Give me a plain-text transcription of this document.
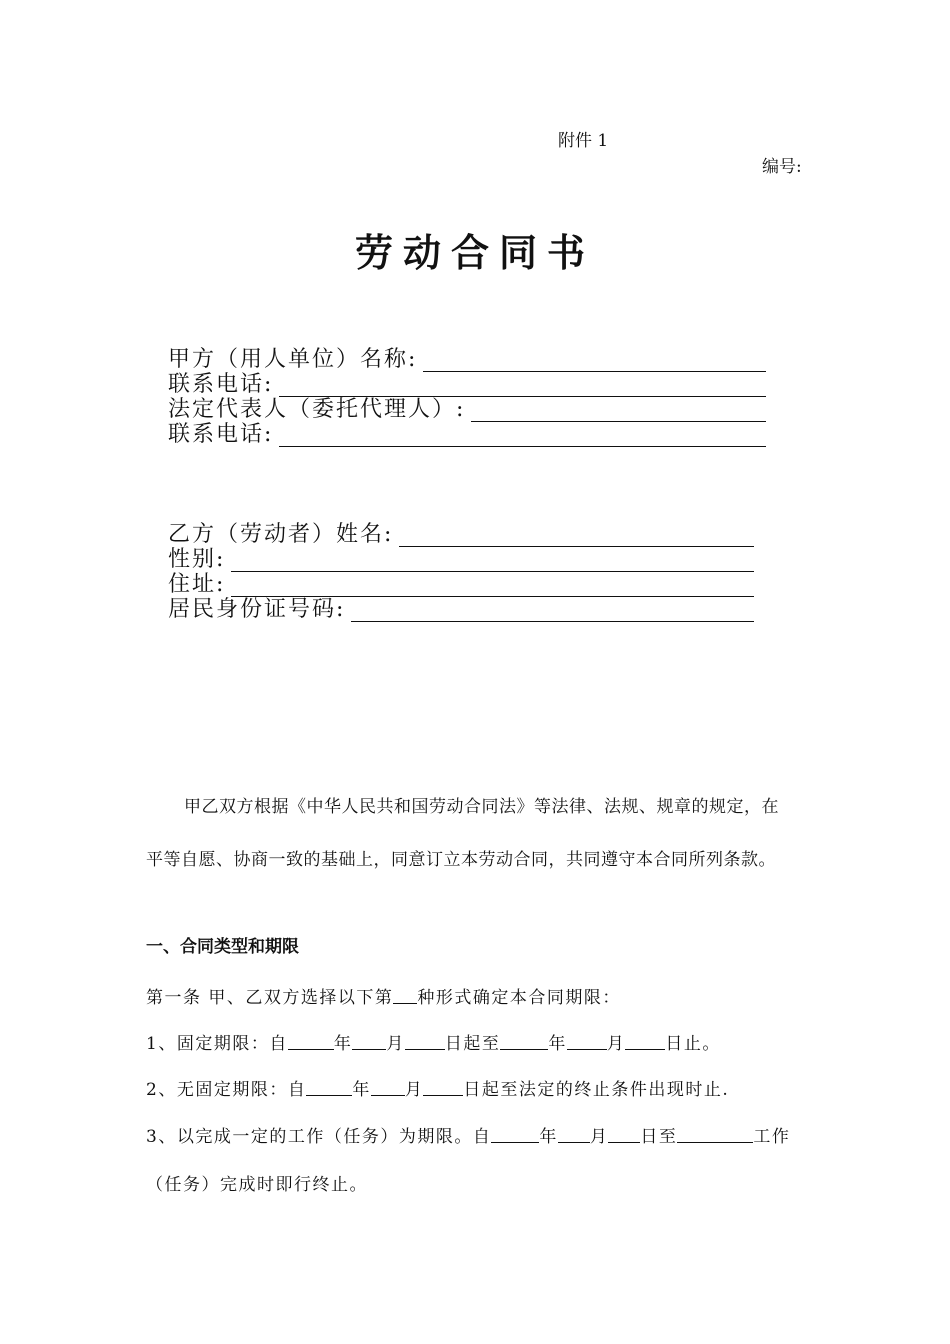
附件 1
编号:
劳动合同书
甲方（用人单位）名称:
联系电话:
法定代表人（委托代理人）:
联系电话:
乙方（劳动者）姓名:
性别:
住址:
居民身份证号码:
甲乙双方根据《中华人民共和国劳动合同法》等法律、法规、规章的规定，在
平等自愿、协商一致的基础上，同意订立本劳动合同，共同遵守本合同所列条款。
一、合同类型和期限
第一条 甲、乙双方选择以下第 种形式确定本合同期限：
1、固定期限：自	年 月 日起至	年 月 日止。
2、无固定期限：自	年 月 日起至法定的终止条件出现时止.
3、以完成一定的工作（任务）为期限。自	年 月 日至	工作
（任务）完成时即行终止。
